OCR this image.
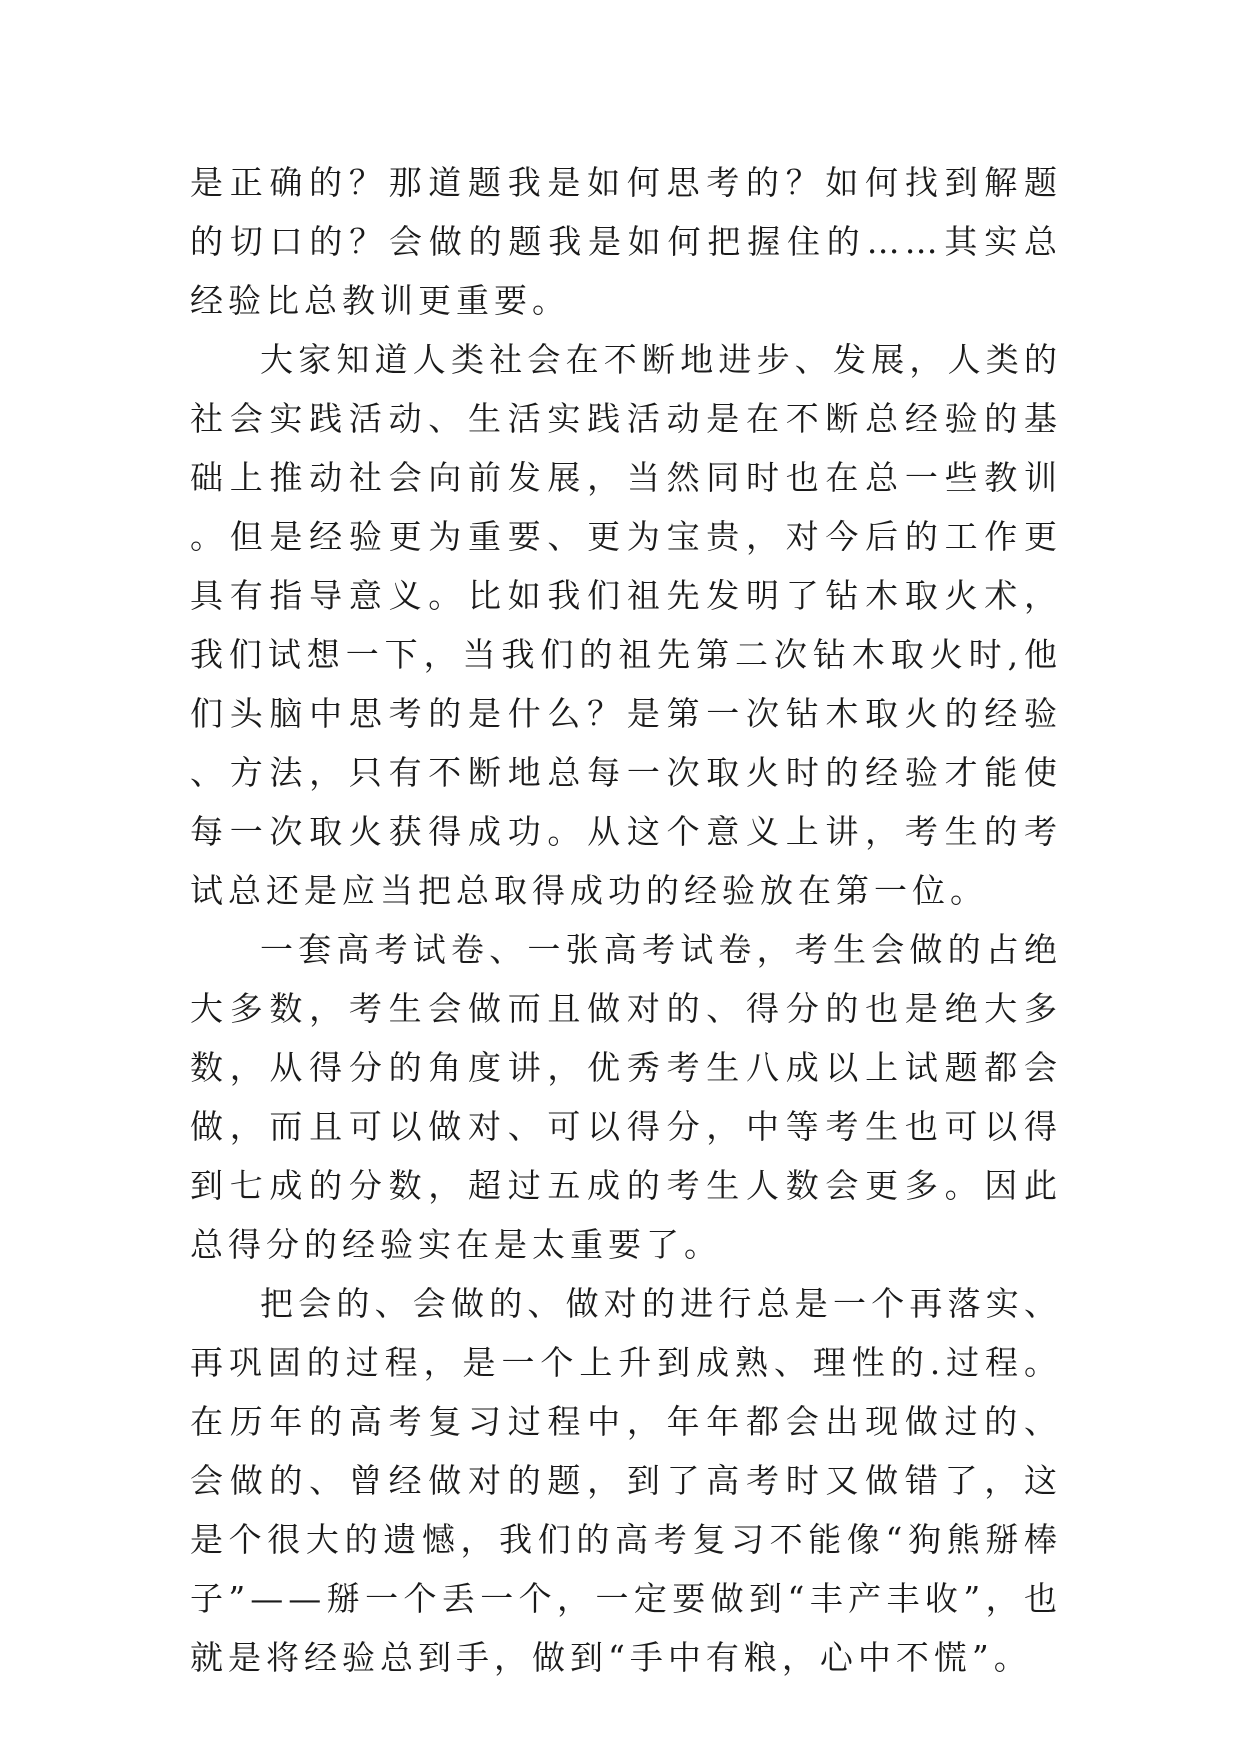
是正确的？那道题我是如何思考的？如何找到解题的切口的？会做的题我是如何把握住的……其实总经验比总教训更重要。

大家知道人类社会在不断地进步、发展，人类的社会实践活动、生活实践活动是在不断总经验的基础上推动社会向前发展，当然同时也在总一些教训。但是经验更为重要、更为宝贵，对今后的工作更具有指导意义。比如我们祖先发明了钻木取火术，我们试想一下，当我们的祖先第二次钻木取火时,他们头脑中思考的是什么？是第一次钻木取火的经验、方法，只有不断地总每一次取火时的经验才能使每一次取火获得成功。从这个意义上讲，考生的考试总还是应当把总取得成功的经验放在第一位。

一套高考试卷、一张高考试卷，考生会做的占绝大多数，考生会做而且做对的、得分的也是绝大多数，从得分的角度讲，优秀考生八成以上试题都会做，而且可以做对、可以得分，中等考生也可以得到七成的分数，超过五成的考生人数会更多。因此总得分的经验实在是太重要了。

把会的、会做的、做对的进行总是一个再落实、再巩固的过程，是一个上升到成熟、理性的.过程。在历年的高考复习过程中，年年都会出现做过的、会做的、曾经做对的题，到了高考时又做错了，这是个很大的遗憾，我们的高考复习不能像“狗熊掰棒子”——掰一个丢一个，一定要做到“丰产丰收”，也就是将经验总到手，做到“手中有粮，心中不慌”。
